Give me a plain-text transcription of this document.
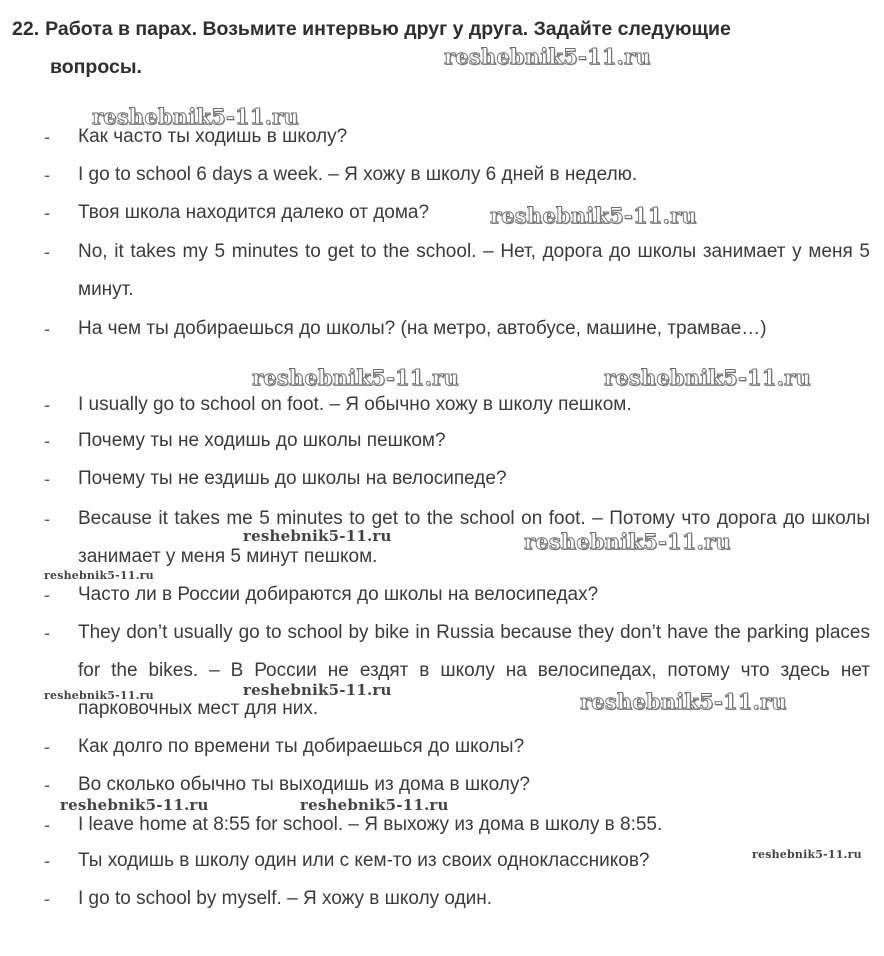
22. Работа в парах. Возьмите интервью друг у друга. Задайте следующие
вопросы.
- Как часто ты ходишь в школу?
- I go to school 6 days a week. – Я хожу в школу 6 дней в неделю.
- Твоя школа находится далеко от дома?
- No, it takes my 5 minutes to get to the school. – Нет, дорога до школы занимает у меня 5 минут.
- На чем ты добираешься до школы? (на метро, автобусе, машине, трамвае…)
- I usually go to school on foot. – Я обычно хожу в школу пешком.
- Почему ты не ходишь до школы пешком?
- Почему ты не ездишь до школы на велосипеде?
- Because it takes me 5 minutes to get to the school on foot. – Потому что дорога до школы занимает у меня 5 минут пешком.
- Часто ли в России добираются до школы на велосипедах?
- They don’t usually go to school by bike in Russia because they don’t have the parking places for the bikes. – В России не ездят в школу на велосипедах, потому что здесь нет парковочных мест для них.
- Как долго по времени ты добираешься до школы?
- Во сколько обычно ты выходишь из дома в школу?
- I leave home at 8:55 for school. – Я выхожу из дома в школу в 8:55.
- Ты ходишь в школу один или с кем-то из своих одноклассников?
- I go to school by myself. – Я хожу в школу один.
reshebnik5-11.ru
reshebnik5-11.ru
reshebnik5-11.ru
reshebnik5-11.ru	reshebnik5-11.ru
reshebnik5-11.ru	reshebnik5-11.ru
reshebnik5-11.ru
reshebnik5-11.ru
reshebnik5-11.ru	reshebnik5-11.ru
reshebnik5-11.ru	reshebnik5-11.ru
reshebnik5-11.ru
